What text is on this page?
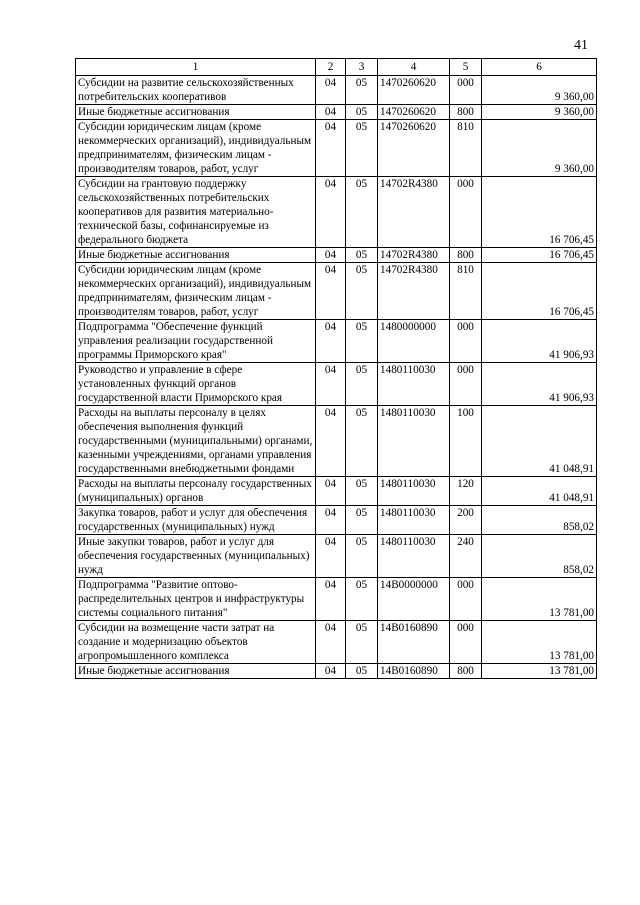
41
1	2	3	4	5	6
Субсидии на развитие сельскохозяйственных потребительских кооперативов	04	05	1470260620	000	9 360,00
Иные бюджетные ассигнования	04	05	1470260620	800	9 360,00
Субсидии юридическим лицам (кроме некоммерческих организаций), индивидуальным предпринимателям, физическим лицам - производителям товаров, работ, услуг	04	05	1470260620	810	9 360,00
Субсидии на грантовую поддержку сельскохозяйственных потребительских кооперативов для развития материально-технической базы, софинансируемые из федерального бюджета	04	05	14702R4380	000	16 706,45
Иные бюджетные ассигнования	04	05	14702R4380	800	16 706,45
Субсидии юридическим лицам (кроме некоммерческих организаций), индивидуальным предпринимателям, физическим лицам - производителям товаров, работ, услуг	04	05	14702R4380	810	16 706,45
Подпрограмма "Обеспечение функций управления реализации государственной программы Приморского края"	04	05	1480000000	000	41 906,93
Руководство и управление в сфере установленных функций органов государственной власти Приморского края	04	05	1480110030	000	41 906,93
Расходы на выплаты персоналу в целях обеспечения выполнения функций государственными (муниципальными) органами, казенными учреждениями, органами управления государственными внебюджетными фондами	04	05	1480110030	100	41 048,91
Расходы на выплаты персоналу государственных (муниципальных) органов	04	05	1480110030	120	41 048,91
Закупка товаров, работ и услуг для обеспечения государственных (муниципальных) нужд	04	05	1480110030	200	858,02
Иные закупки товаров, работ и услуг для обеспечения государственных (муниципальных) нужд	04	05	1480110030	240	858,02
Подпрограмма "Развитие оптово-распределительных центров и инфраструктуры системы социального питания"	04	05	14В0000000	000	13 781,00
Субсидии на возмещение части затрат на создание и модернизацию объектов агропромышленного комплекса	04	05	14В0160890	000	13 781,00
Иные бюджетные ассигнования	04	05	14В0160890	800	13 781,00
